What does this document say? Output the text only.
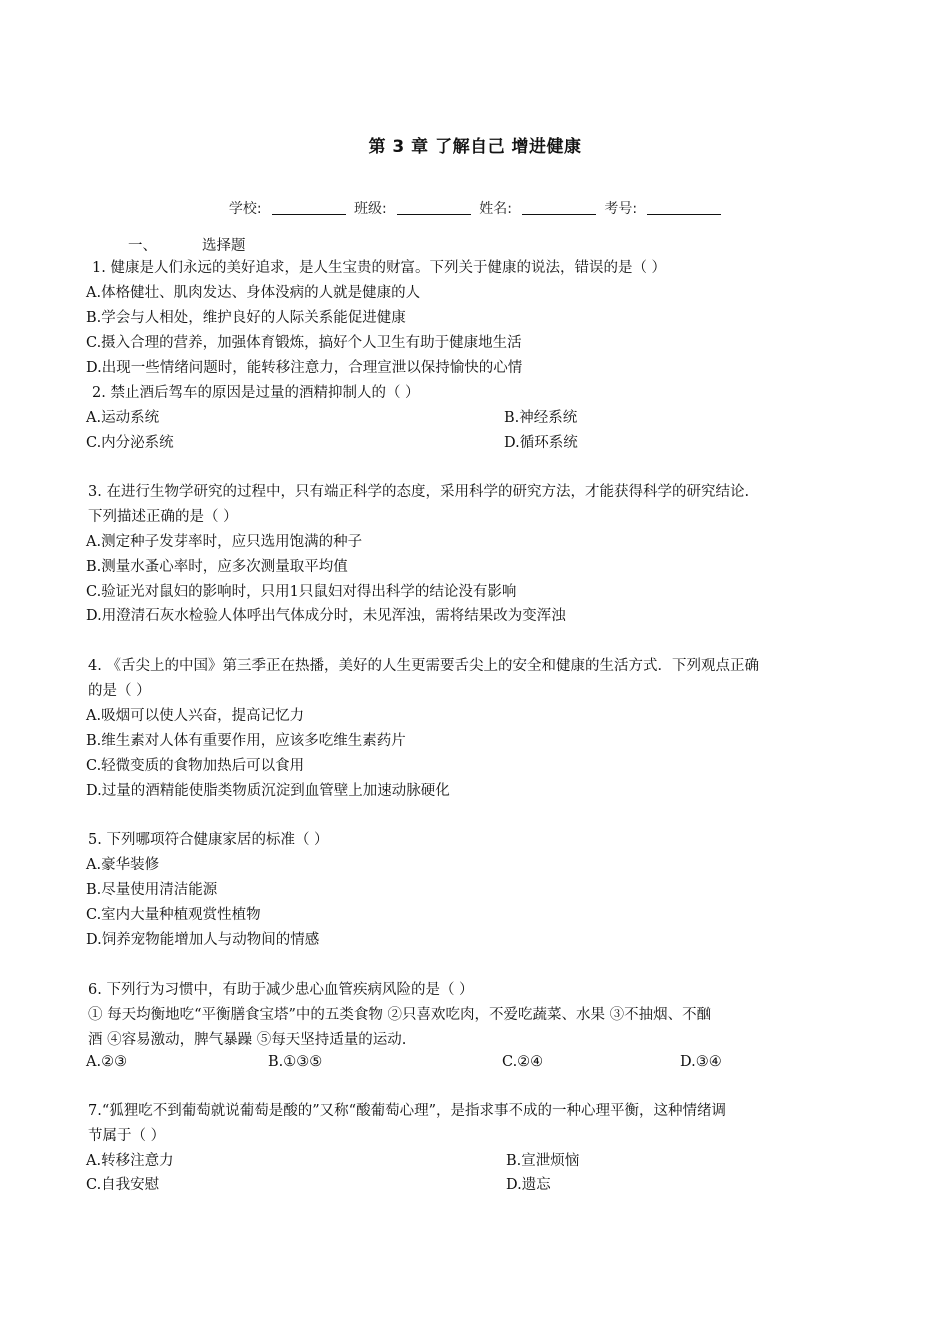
第 3 章 了解自己 增进健康
学校:	班级:	姓名:	考号:
一、	选择题
1. 健康是人们永远的美好追求，是人生宝贵的财富。下列关于健康的说法，错误的是（ ）
A.体格健壮、肌肉发达、身体没病的人就是健康的人
B.学会与人相处，维护良好的人际关系能促进健康
C.摄入合理的营养，加强体育锻炼，搞好个人卫生有助于健康地生活
D.出现一些情绪问题时，能转移注意力，合理宣泄以保持愉快的心情
2. 禁止酒后驾车的原因是过量的酒精抑制人的（ ）
A.运动系统	B.神经系统
C.内分泌系统	D.循环系统
3. 在进行生物学研究的过程中，只有端正科学的态度，采用科学的研究方法，才能获得科学的研究结论.
下列描述正确的是（ ）
A.测定种子发芽率时，应只选用饱满的种子
B.测量水蚤心率时，应多次测量取平均值
C.验证光对鼠妇的影响时，只用1只鼠妇对得出科学的结论没有影响
D.用澄清石灰水检验人体呼出气体成分时，未见浑浊，需将结果改为变浑浊
4. 《舌尖上的中国》第三季正在热播，美好的人生更需要舌尖上的安全和健康的生活方式．下列观点正确
的是（ ）
A.吸烟可以使人兴奋，提高记忆力
B.维生素对人体有重要作用，应该多吃维生素药片
C.轻微变质的食物加热后可以食用
D.过量的酒精能使脂类物质沉淀到血管壁上加速动脉硬化
5. 下列哪项符合健康家居的标准（ ）
A.豪华装修
B.尽量使用清洁能源
C.室内大量种植观赏性植物
D.饲养宠物能增加人与动物间的情感
6. 下列行为习惯中，有助于减少患心血管疾病风险的是（ ）
① 每天均衡地吃“平衡膳食宝塔”中的五类食物 ②只喜欢吃肉，不爱吃蔬菜、水果 ③不抽烟、不酗
酒 ④容易激动，脾气暴躁 ⑤每天坚持适量的运动.
A.②③	B.①③⑤	C.②④	D.③④
7.“狐狸吃不到葡萄就说葡萄是酸的”又称“酸葡萄心理”，是指求事不成的一种心理平衡，这种情绪调
节属于（ ）
A.转移注意力	B.宣泄烦恼
C.自我安慰	D.遗忘
